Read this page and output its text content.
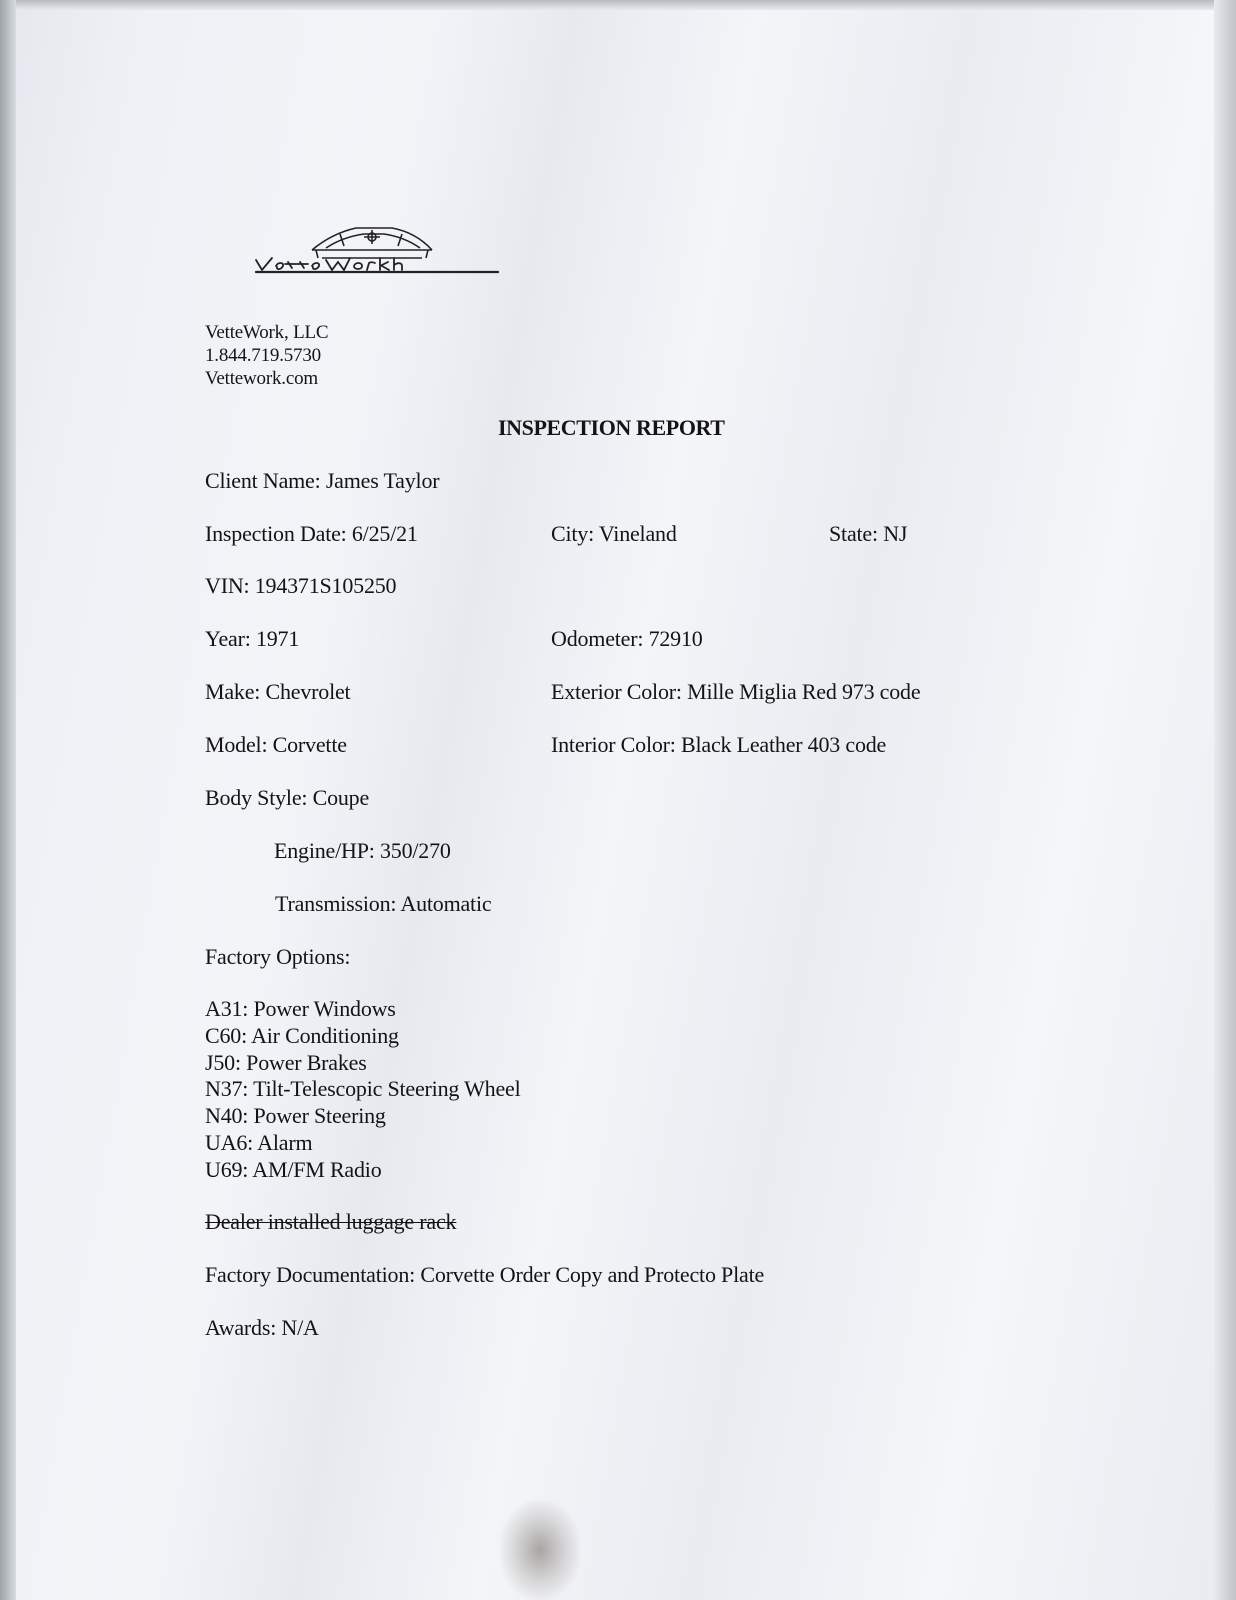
VetteWork, LLC
1.844.719.5730
Vettework.com
INSPECTION REPORT
Client Name: James Taylor
Inspection Date: 6/25/21	City: Vineland	State: NJ
VIN: 194371S105250
Year: 1971	Odometer: 72910
Make: Chevrolet	Exterior Color: Mille Miglia Red 973 code
Model: Corvette	Interior Color: Black Leather 403 code
Body Style: Coupe
Engine/HP: 350/270
Transmission: Automatic
Factory Options:
A31: Power Windows
C60: Air Conditioning
J50: Power Brakes
N37: Tilt-Telescopic Steering Wheel
N40: Power Steering
UA6: Alarm
U69: AM/FM Radio
Dealer installed luggage rack
Factory Documentation: Corvette Order Copy and Protecto Plate
Awards: N/A
